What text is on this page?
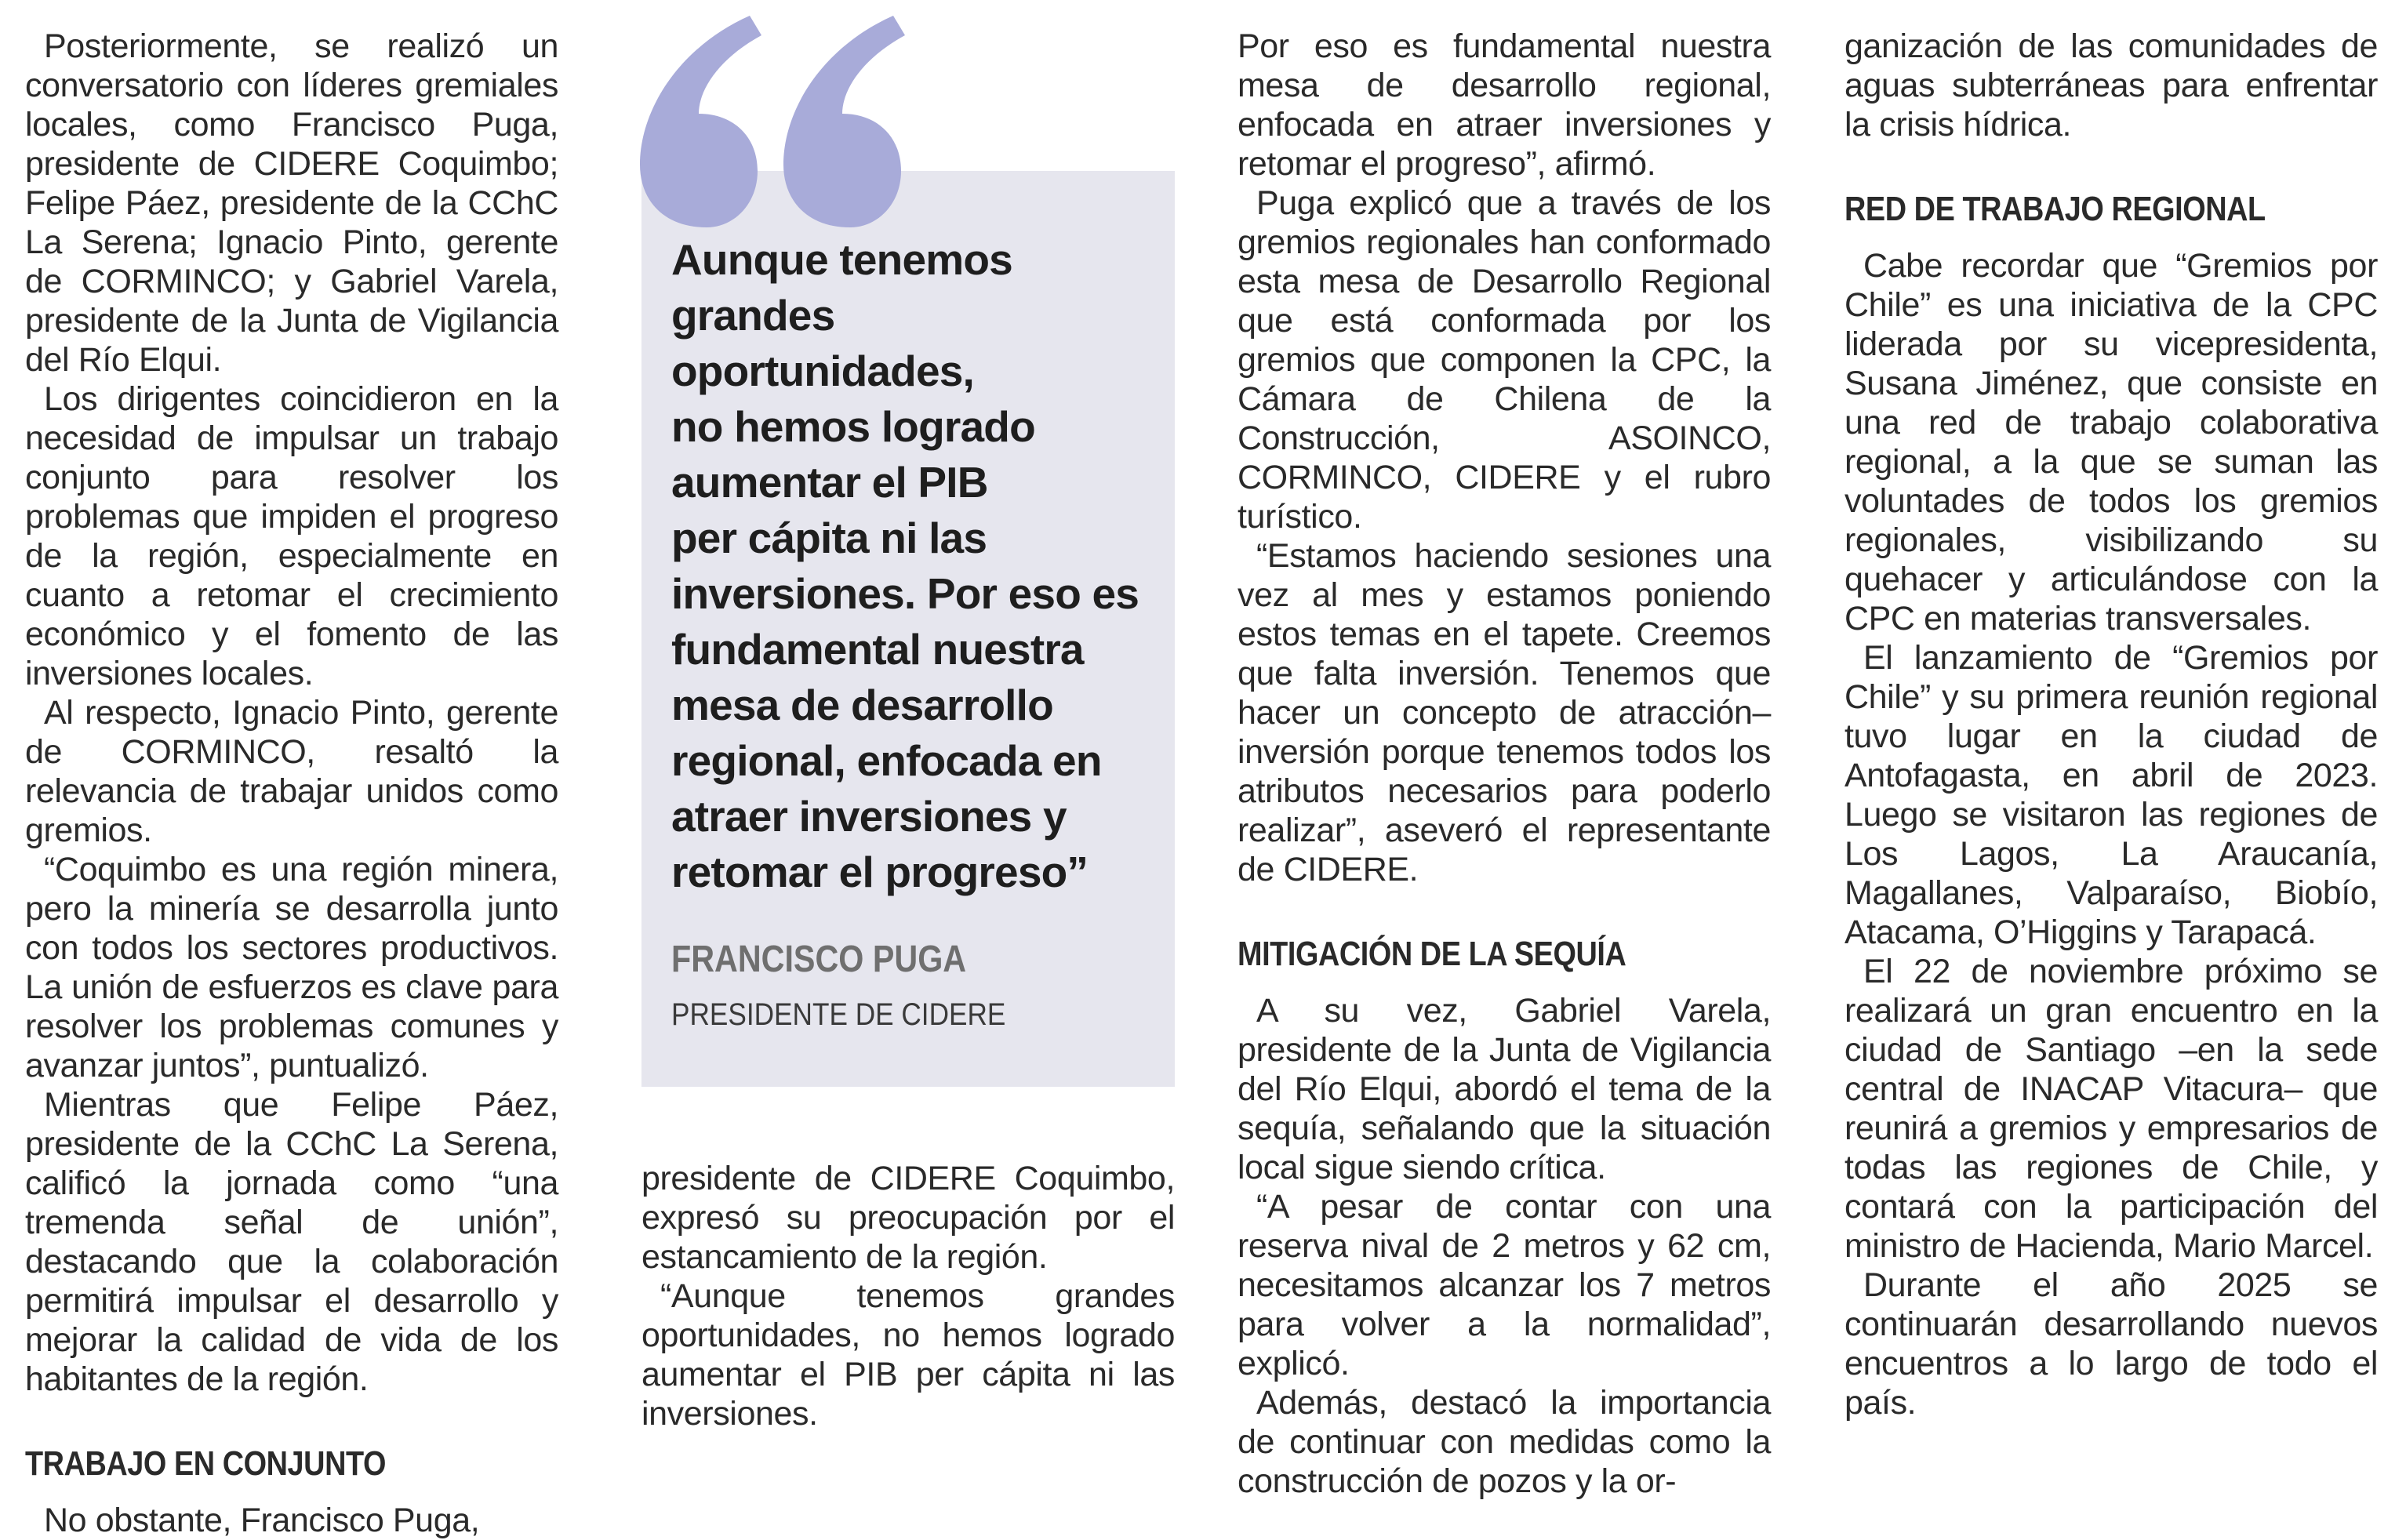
Posteriormente, se realizó un conversatorio con líderes gremiales locales, como Francisco Puga, presidente de CIDERE Coquimbo; Felipe Páez, presidente de la CChC La Serena; Ignacio Pinto, gerente de CORMINCO; y Gabriel Varela, presidente de la Junta de Vigilancia del Río Elqui.

Los dirigentes coincidieron en la necesidad de impulsar un trabajo conjunto para resolver los problemas que impiden el progreso de la región, especialmente en cuanto a retomar el crecimiento económico y el fomento de las inversiones locales.

Al respecto, Ignacio Pinto, gerente de CORMINCO, resaltó la relevancia de trabajar unidos como gremios.

“Coquimbo es una región minera, pero la minería se desarrolla junto con todos los sectores productivos. La unión de esfuerzos es clave para resolver los problemas comunes y avanzar juntos”, puntualizó.

Mientras que Felipe Páez, presidente de la CChC La Serena, calificó la jornada como “una tremenda señal de unión”, destacando que la colaboración permitirá impulsar el desarrollo y mejorar la calidad de vida de los habitantes de la región.

TRABAJO EN CONJUNTO

No obstante, Francisco Puga,

Aunque tenemos
grandes
oportunidades,
no hemos logrado
aumentar el PIB
per cápita ni las
inversiones. Por eso es
fundamental nuestra
mesa de desarrollo
regional, enfocada en
atraer inversiones y
retomar el progreso”

FRANCISCO PUGA

PRESIDENTE DE CIDERE

presidente de CIDERE Coquimbo, expresó su preocupación por el estancamiento de la región.

“Aunque tenemos grandes oportunidades, no hemos logrado aumentar el PIB per cápita ni las inversiones.

Por eso es fundamental nuestra mesa de desarrollo regional, enfocada en atraer inversiones y retomar el progreso”, afirmó.

Puga explicó que a través de los gremios regionales han conformado esta mesa de Desarrollo Regional que está conformada por los gremios que componen la CPC, la Cámara de Chilena de la Construcción, ASOINCO, CORMINCO, CIDERE y el rubro turístico.

“Estamos haciendo sesiones una vez al mes y estamos poniendo estos temas en el tapete. Creemos que falta inversión. Tenemos que hacer un concepto de atracción–inversión porque tenemos todos los atributos necesarios para poderlo realizar”, aseveró el representante de CIDERE.

MITIGACIÓN DE LA SEQUÍA

A su vez, Gabriel Varela, presidente de la Junta de Vigilancia del Río Elqui, abordó el tema de la sequía, señalando que la situación local sigue siendo crítica.

“A pesar de contar con una reserva nival de 2 metros y 62 cm, necesitamos alcanzar los 7 metros para volver a la normalidad”, explicó.

Además, destacó la importancia de continuar con medidas como la construcción de pozos y la or-

ganización de las comunidades de aguas subterráneas para enfrentar la crisis hídrica.

RED DE TRABAJO REGIONAL

Cabe recordar que “Gremios por Chile” es una iniciativa de la CPC liderada por su vicepresidenta, Susana Jiménez, que consiste en una red de trabajo colaborativa regional, a la que se suman las voluntades de todos los gremios regionales, visibilizando su quehacer y articulándose con la CPC en materias transversales.

El lanzamiento de “Gremios por Chile” y su primera reunión regional tuvo lugar en la ciudad de Antofagasta, en abril de 2023. Luego se visitaron las regiones de Los Lagos, La Araucanía, Magallanes, Valparaíso, Biobío, Atacama, O’Higgins y Tarapacá.

El 22 de noviembre próximo se realizará un gran encuentro en la ciudad de Santiago –en la sede central de INACAP Vitacura– que reunirá a gremios y empresarios de todas las regiones de Chile, y contará con la participación del ministro de Hacienda, Mario Marcel.

Durante el año 2025 se continuarán desarrollando nuevos encuentros a lo largo de todo el país.
